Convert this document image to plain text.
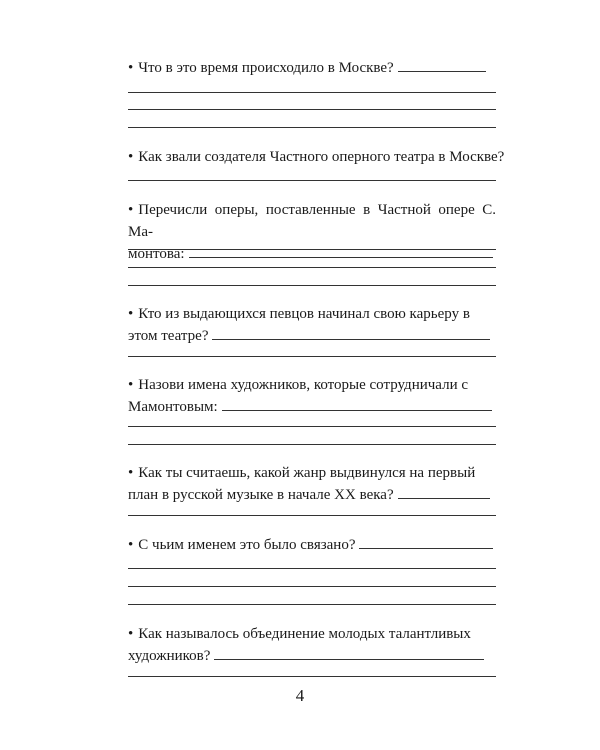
• Что в это время происходило в Москве?
• Как звали создателя Частного оперного театра в Москве?
• Перечисли оперы, поставленные в Частной опере С. Ма-
монтова:
• Кто из выдающихся певцов начинал свою карьеру в
этом театре?
• Назови имена художников, которые сотрудничали с
Мамонтовым:
• Как ты считаешь, какой жанр выдвинулся на первый
план в русской музыке в начале XX века?
• С чьим именем это было связано?
• Как называлось объединение молодых талантливых
художников?
4
